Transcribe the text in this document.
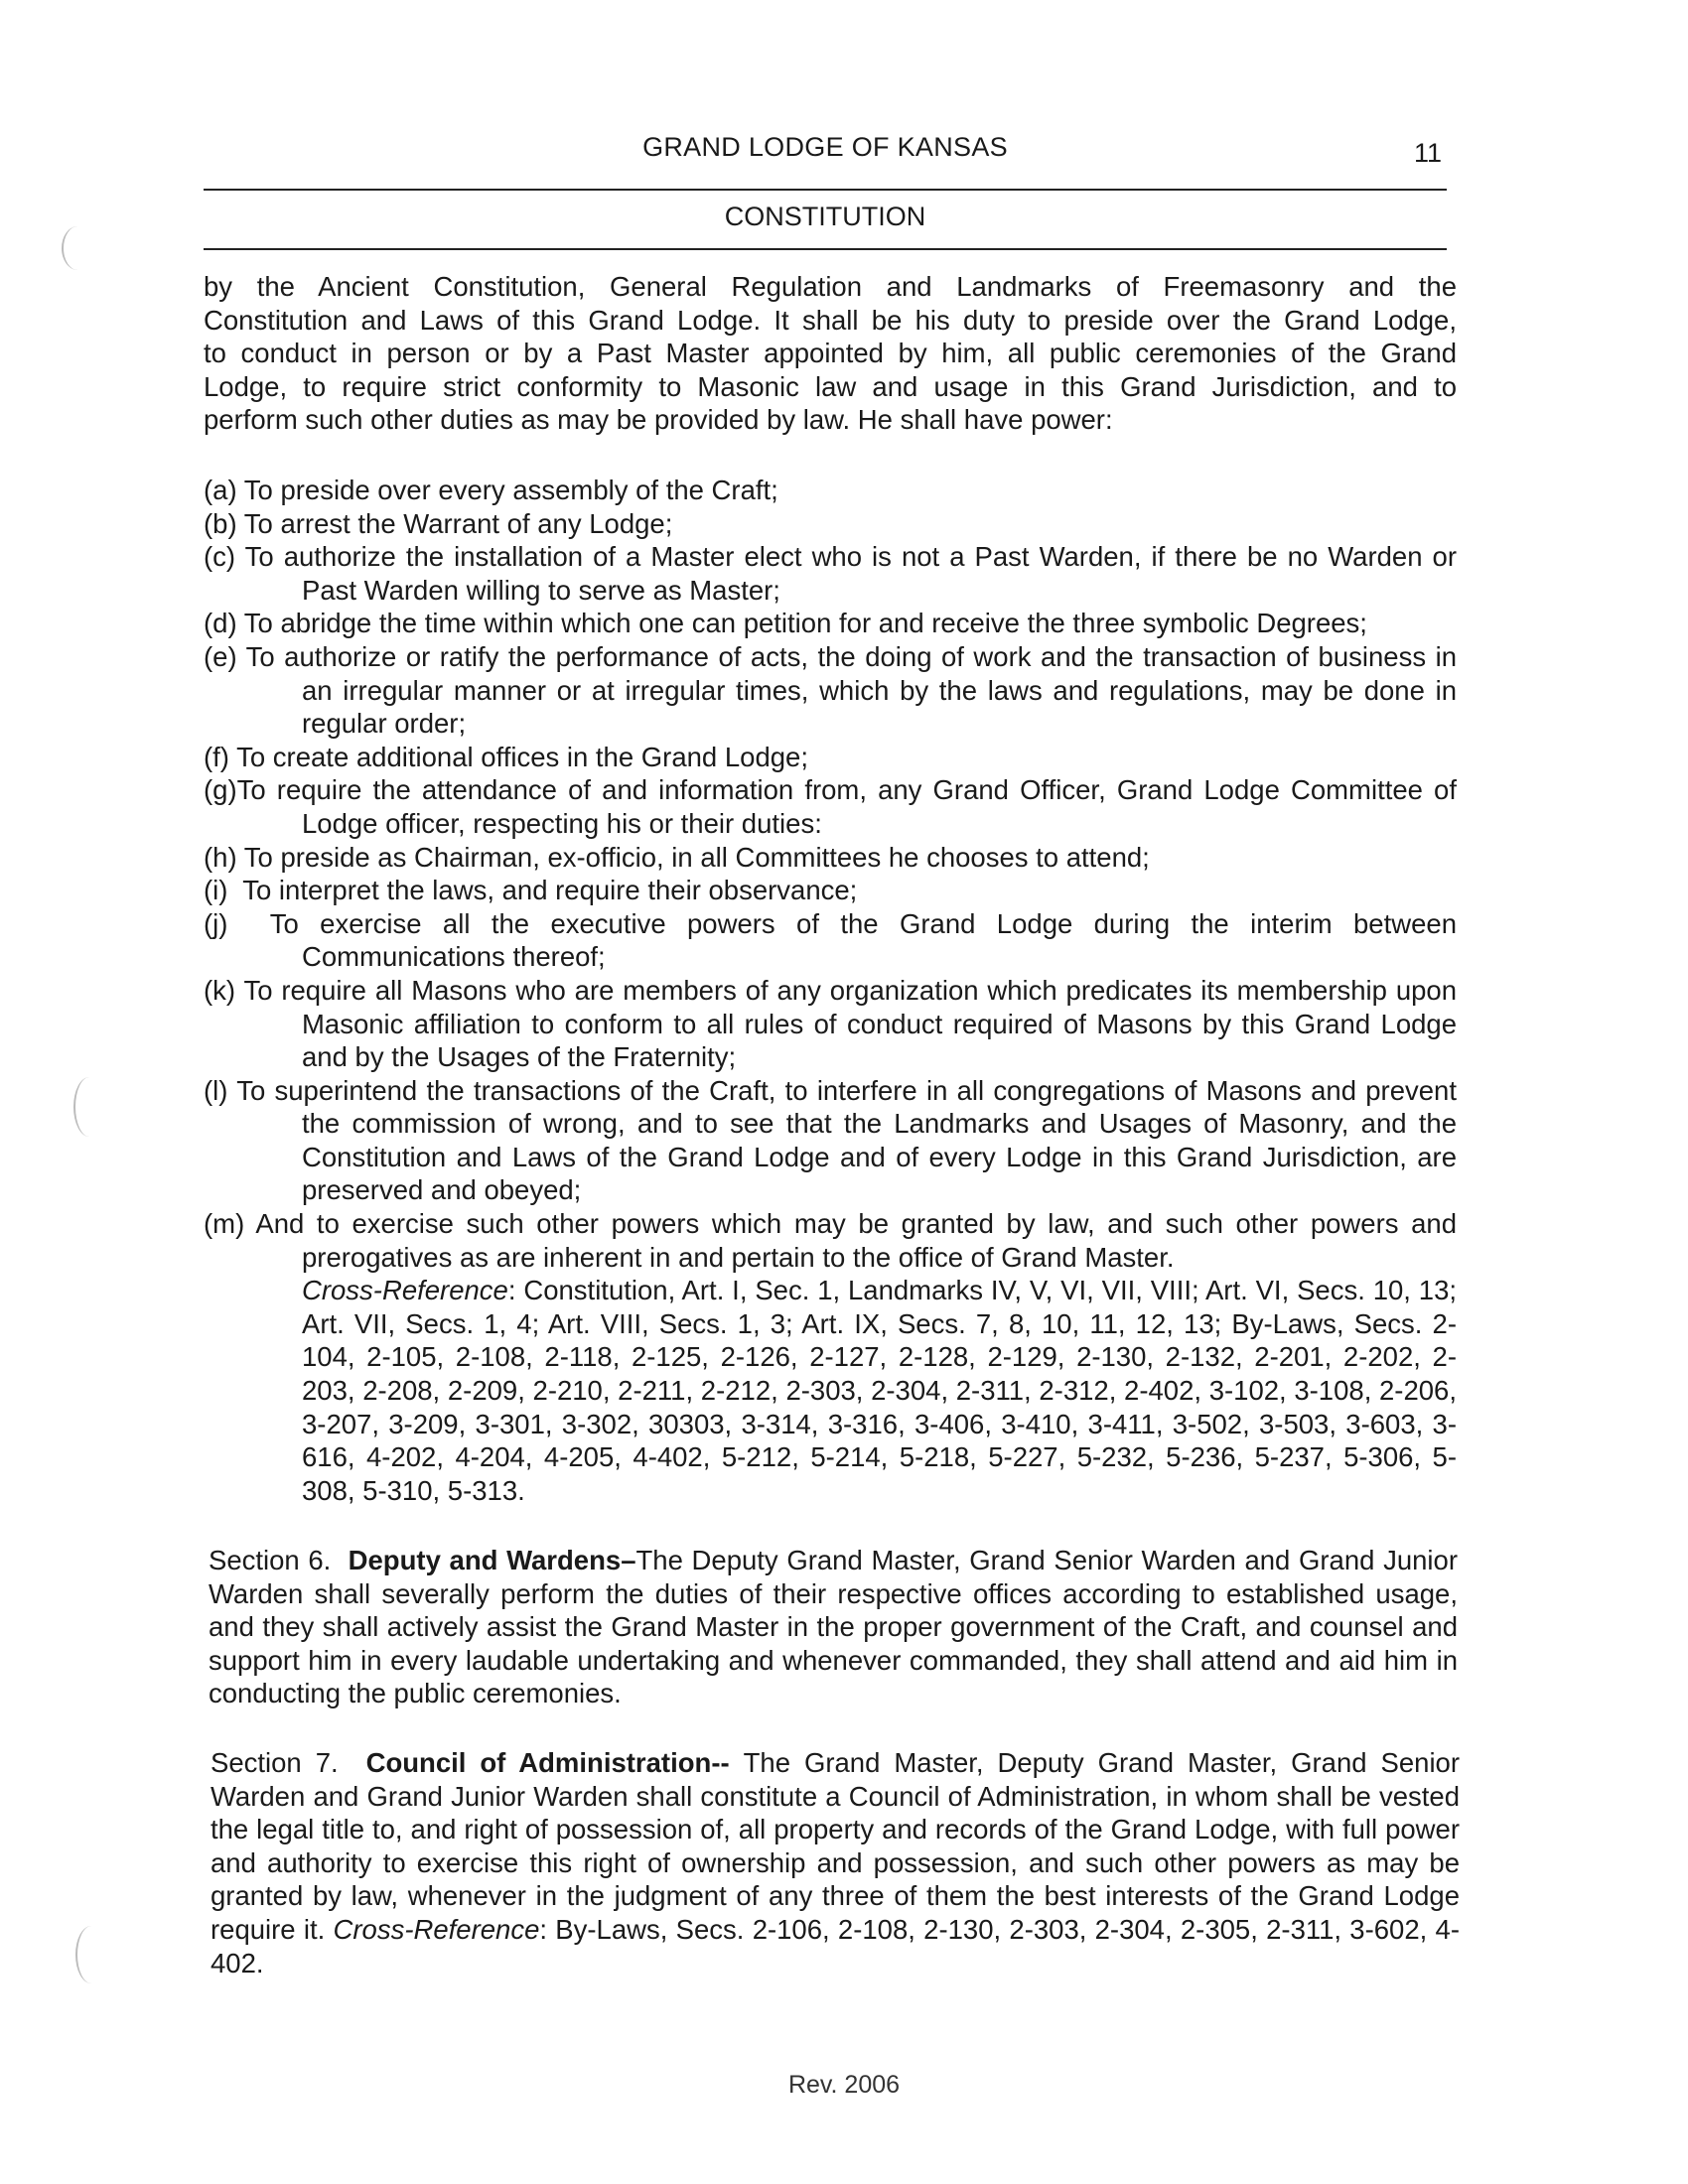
GRAND LODGE OF KANSAS	11
CONSTITUTION
by the Ancient Constitution, General Regulation and Landmarks of Freemasonry and the
Constitution and Laws of this Grand Lodge. It shall be his duty to preside over the Grand Lodge,
to conduct in person or by a Past Master appointed by him, all public ceremonies of the Grand
Lodge, to require strict conformity to Masonic law and usage in this Grand Jurisdiction, and to
perform such other duties as may be provided by law. He shall have power:
(a) To preside over every assembly of the Craft;
(b) To arrest the Warrant of any Lodge;
(c) To authorize the installation of a Master elect who is not a Past Warden, if there be no Warden or Past Warden willing to serve as Master;
(d) To abridge the time within which one can petition for and receive the three symbolic Degrees;
(e) To authorize or ratify the performance of acts, the doing of work and the transaction of business in an irregular manner or at irregular times, which by the laws and regulations, may be done in regular order;
(f) To create additional offices in the Grand Lodge;
(g)To require the attendance of and information from, any Grand Officer, Grand Lodge Committee of Lodge officer, respecting his or their duties:
(h) To preside as Chairman, ex-officio, in all Committees he chooses to attend;
(i) To interpret the laws, and require their observance;
(j) To exercise all the executive powers of the Grand Lodge during the interim between Communications thereof;
(k) To require all Masons who are members of any organization which predicates its membership upon Masonic affiliation to conform to all rules of conduct required of Masons by this Grand Lodge and by the Usages of the Fraternity;
(l) To superintend the transactions of the Craft, to interfere in all congregations of Masons and prevent the commission of wrong, and to see that the Landmarks and Usages of Masonry, and the Constitution and Laws of the Grand Lodge and of every Lodge in this Grand Jurisdiction, are preserved and obeyed;
(m) And to exercise such other powers which may be granted by law, and such other powers and prerogatives as are inherent in and pertain to the office of Grand Master.
Cross-Reference: Constitution, Art. I, Sec. 1, Landmarks IV, V, VI, VII, VIII; Art. VI, Secs. 10, 13; Art. VII, Secs. 1, 4; Art. VIII, Secs. 1, 3; Art. IX, Secs. 7, 8, 10, 11, 12, 13; By-Laws, Secs. 2-104, 2-105, 2-108, 2-118, 2-125, 2-126, 2-127, 2-128, 2-129, 2-130, 2-132, 2-201, 2-202, 2-203, 2-208, 2-209, 2-210, 2-211, 2-212, 2-303, 2-304, 2-311, 2-312, 2-402, 3-102, 3-108, 2-206, 3-207, 3-209, 3-301, 3-302, 30303, 3-314, 3-316, 3-406, 3-410, 3-411, 3-502, 3-503, 3-603, 3-616, 4-202, 4-204, 4-205, 4-402, 5-212, 5-214, 5-218, 5-227, 5-232, 5-236, 5-237, 5-306, 5-308, 5-310, 5-313.
Section 6. Deputy and Wardens–The Deputy Grand Master, Grand Senior Warden and Grand Junior Warden shall severally perform the duties of their respective offices according to established usage, and they shall actively assist the Grand Master in the proper government of the Craft, and counsel and support him in every laudable undertaking and whenever commanded, they shall attend and aid him in conducting the public ceremonies.
Section 7. Council of Administration-- The Grand Master, Deputy Grand Master, Grand Senior Warden and Grand Junior Warden shall constitute a Council of Administration, in whom shall be vested the legal title to, and right of possession of, all property and records of the Grand Lodge, with full power and authority to exercise this right of ownership and possession, and such other powers as may be granted by law, whenever in the judgment of any three of them the best interests of the Grand Lodge require it. Cross-Reference: By-Laws, Secs. 2-106, 2-108, 2-130, 2-303, 2-304, 2-305, 2-311, 3-602, 4-402.
Rev. 2006
